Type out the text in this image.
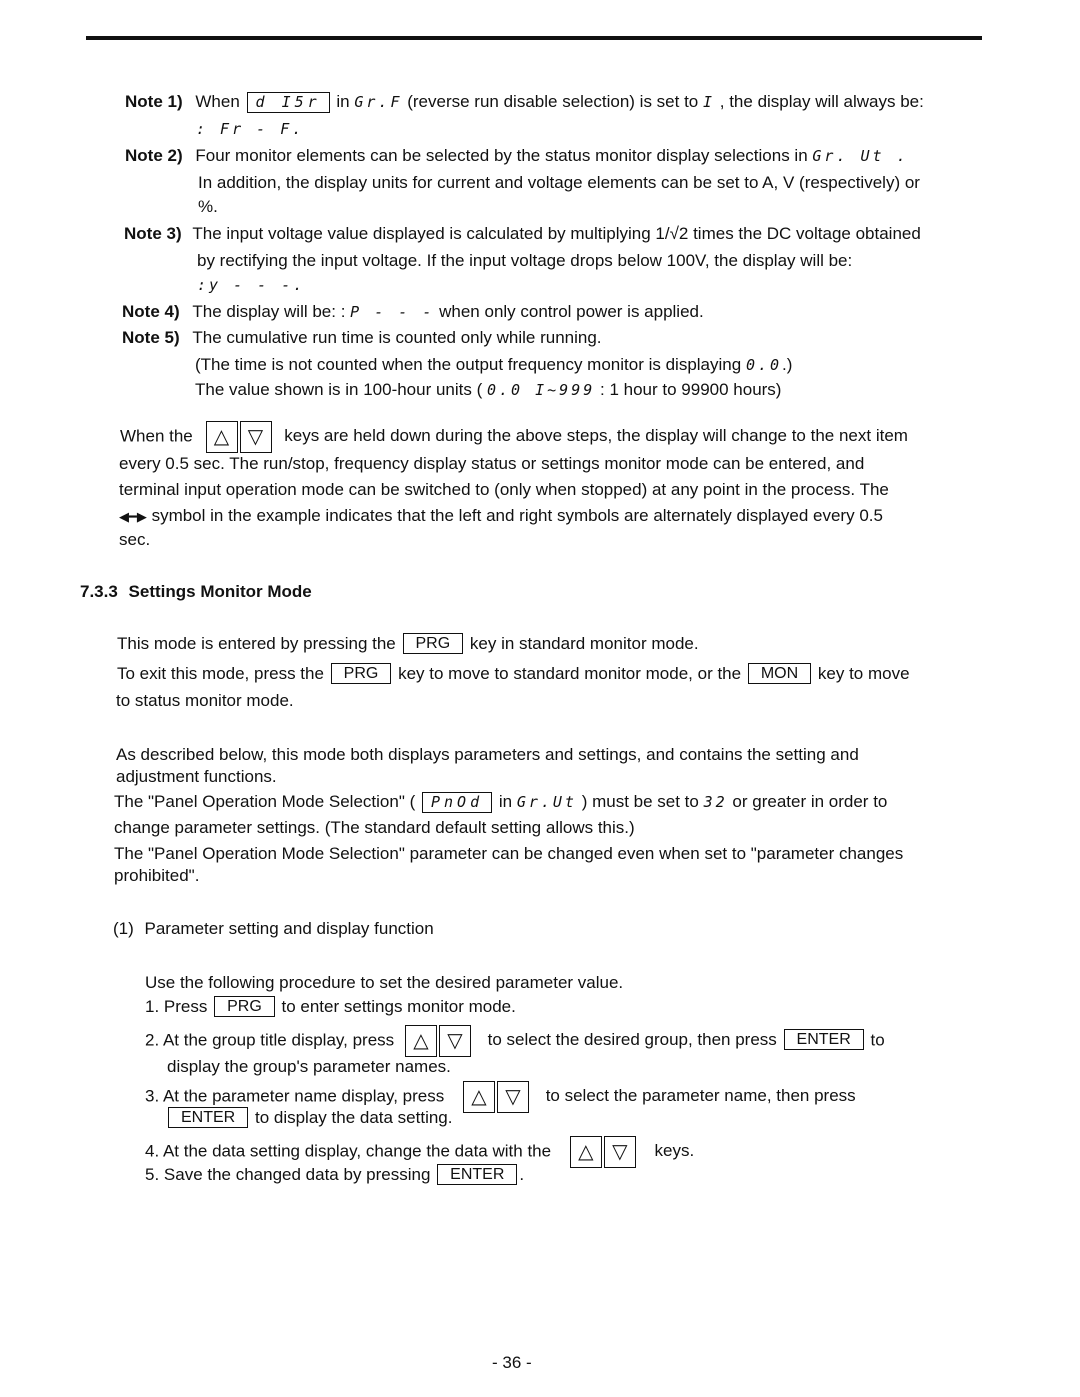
Note 1) When d I5r in Gr.F (reverse run disable selection) is set to I , the display will always be:
: Fr - F.
Note 2) Four monitor elements can be selected by the status monitor display selections in Gr. Ut .
In addition, the display units for current and voltage elements can be set to A, V (respectively) or
%.
Note 3) The input voltage value displayed is calculated by multiplying 1/√2 times the DC voltage obtained
by rectifying the input voltage. If the input voltage drops below 100V, the display will be:
:y - - -.
Note 4) The display will be: : P - - - when only control power is applied.
Note 5) The cumulative run time is counted only while running.
(The time is not counted when the output frequency monitor is displaying 0.0.)
The value shown is in 100-hour units ( 0.0 I~999 : 1 hour to 99900 hours)
When the △ ▽ keys are held down during the above steps, the display will change to the next item
every 0.5 sec. The run/stop, frequency display status or settings monitor mode can be entered, and
terminal input operation mode can be switched to (only when stopped) at any point in the process. The
◀━▶ symbol in the example indicates that the left and right symbols are alternately displayed every 0.5
sec.
7.3.3 Settings Monitor Mode
This mode is entered by pressing the PRG key in standard monitor mode.
To exit this mode, press the PRG key to move to standard monitor mode, or the MON key to move
to status monitor mode.
As described below, this mode both displays parameters and settings, and contains the setting and
adjustment functions.
The "Panel Operation Mode Selection" ( PnOd in Gr.Ut ) must be set to 32 or greater in order to
change parameter settings. (The standard default setting allows this.)
The "Panel Operation Mode Selection" parameter can be changed even when set to "parameter changes
prohibited".
(1) Parameter setting and display function
Use the following procedure to set the desired parameter value.
1. Press PRG to enter settings monitor mode.
2. At the group title display, press △ ▽ to select the desired group, then press ENTER to
display the group's parameter names.
3. At the parameter name display, press △ ▽ to select the parameter name, then press
ENTER to display the data setting.
4. At the data setting display, change the data with the △ ▽ keys.
5. Save the changed data by pressing ENTER .
- 36 -
